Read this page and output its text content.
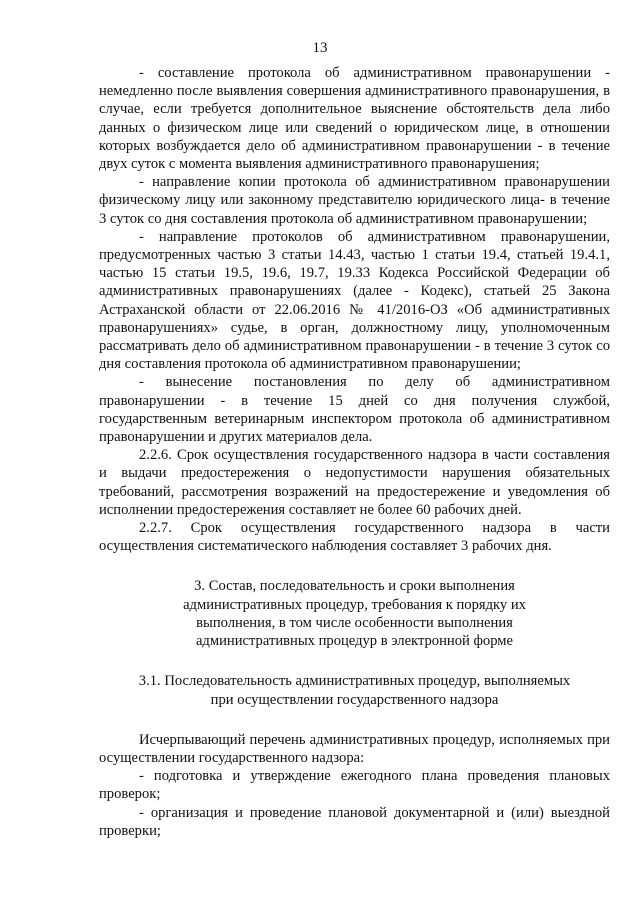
13

- составление протокола об административном правонарушении - немедленно после выявления совершения административного правонарушения, в случае, если требуется дополнительное выяснение обстоятельств дела либо данных о физическом лице или сведений о юридическом лице, в отношении которых возбуждается дело об административном правонарушении - в течение двух суток с момента выявления административного правонарушения;

- направление копии протокола об административном правонарушении физическому лицу или законному представителю юридического лица- в течение 3 суток со дня составления протокола об административном правонарушении;

- направление протоколов об административном правонарушении, предусмотренных частью 3 статьи 14.43, частью 1 статьи 19.4, статьей 19.4.1, частью 15 статьи 19.5, 19.6, 19.7, 19.33 Кодекса Российской Федерации об административных правонарушениях (далее - Кодекс), статьей 25 Закона Астраханской области от 22.06.2016 № 41/2016-ОЗ «Об административных правонарушениях» судье, в орган, должностному лицу, уполномоченным рассматривать дело об административном правонарушении - в течение 3 суток со дня составления протокола об административном правонарушении;

- вынесение постановления по делу об административном правонарушении - в течение 15 дней со дня получения службой, государственным ветеринарным инспектором протокола об административном правонарушении и других материалов дела.

2.2.6. Срок осуществления государственного надзора в части составления и выдачи предостережения о недопустимости нарушения обязательных требований, рассмотрения возражений на предостережение и уведомления об исполнении предостережения составляет не более 60 рабочих дней.

2.2.7. Срок осуществления государственного надзора в части осуществления систематического наблюдения составляет 3 рабочих дня.

3. Состав, последовательность и сроки выполнения

административных процедур, требования к порядку их

выполнения, в том числе особенности выполнения

административных процедур в электронной форме

3.1. Последовательность административных процедур, выполняемых

при осуществлении государственного надзора

Исчерпывающий перечень административных процедур, исполняемых при осуществлении государственного надзора:

- подготовка и утверждение ежегодного плана проведения плановых проверок;

- организация и проведение плановой документарной и (или) выездной проверки;
